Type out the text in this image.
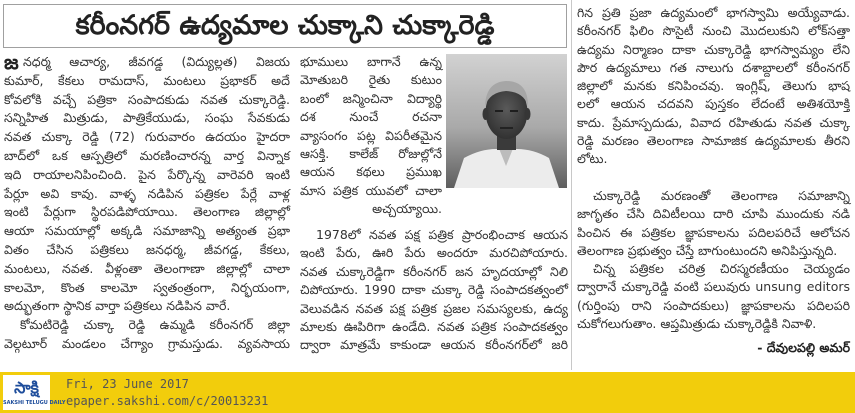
కరీంనగర్ ఉద్యమాల చుక్కాని చుక్కారెడ్డి
జ నధర్మ ఆచార్య, జీవగడ్డ (విద్యుల్లత) విజయ
కుమార్, కేకలు రామదాస్, మంటలు ప్రభాకర్ అదే
కోవలోకి వచ్చే పత్రికా సంపాదకుడు నవత చుక్కారెడ్డి.
సన్నిహిత మిత్రుడు, పాత్రికేయుడు, సంఘ సేవకుడు
నవత చుక్కా రెడ్డి (72) గురువారం ఉదయం హైదరా
బాద్‌లో ఒక ఆస్పత్రిలో మరణించారన్న వార్త విన్నాక
ఇది రాయాలనిపించింది. పైన పేర్కొన్న వారెవరి ఇంటి
పేర్లూ అవి కావు. వాళ్ళ నడిపిన పత్రికల పేర్లే వాళ్ల
ఇంటి పేర్లుగా స్థిరపడిపోయాయి. తెలంగాణ జిల్లాల్లో
ఆయా సమయాల్లో అక్కడి సమాజాన్ని అత్యంత ప్రభా
వితం చేసిన పత్రికలు జనధర్మ, జీవగడ్డ, కేకలు,
మంటలు, నవత. వీళ్లంతా తెలంగాణా జిల్లాల్లో చాలా
కాలమో, కొంత కాలమో స్వతంత్రంగా, నిర్భయంగా,
అద్భుతంగా స్థానిక వార్తా పత్రికలు నడిపిన వారే.
కోమటిరెడ్డి చుక్కా రెడ్డి ఉమ్మడి కరీంనగర్ జిల్లా
వెల్గటూర్ మండలం చేగ్యాం గ్రామస్తుడు. వ్యవసాయ
భూములు బాగానే ఉన్న
మోతుబరి రైతు కుటుం
బంలో జన్మించినా విద్యార్థి
దశ నుంచే రచనా
వ్యాసంగం పట్ల విపరీతమైన
ఆసక్తి. కాలేజ్ రోజుల్లోనే
ఆయన కథలు ప్రముఖ
మాస పత్రిక యువలో చాలా
అచ్చయ్యాయి.
1978లో నవత పక్ష పత్రిక ప్రారంభించాక ఆయన
ఇంటి పేరు, ఊరి పేరు అందరూ మరచిపోయారు.
నవత చుక్కారెడ్డిగా కరీంనగర్ జన హృదయాల్లో నిలి
చిపోయారు. 1990 దాకా చుక్కా రెడ్డి సంపాదకత్వంలో
వెలువడిన నవత పక్ష పత్రిక ప్రజల సమస్యలకు, ఉద్య
మాలకు ఊపిరిగా ఉండేది. నవత పత్రిక సంపాదకత్వం
ద్వారా మాత్రమే కాకుండా ఆయన కరీంనగర్‌లో జరి
గిన ప్రతి ప్రజా ఉద్యమంలో భాగస్వామి అయ్యేవాడు.
కరీంనగర్ ఫిలిం సొసైటీ నుంచి మొదలుకుని లోక్‌సత్తా
ఉద్యమ నిర్మాణం దాకా చుక్కారెడ్డి భాగస్వామ్యం లేని
పౌర ఉద్యమాలు గత నాలుగు దశాబ్దాలలో కరీంనగర్
జిల్లాలో మనకు కనిపించవు. ఇంగ్లిష్, తెలుగు భాష
లలో ఆయన చదవని పుస్తకం లేదంటే అతిశయోక్తి
కాదు. ప్రేమాస్పదుడు, వివాద రహితుడు నవత చుక్కా
రెడ్డి మరణం తెలంగాణ సామాజిక ఉద్యమాలకు తీరని
లోటు.
చుక్కారెడ్డి మరణంతో తెలంగాణ సమాజాన్ని
జాగృతం చేసి దివిటీలయి దారి చూపి ముందుకు నడి
పించిన ఈ పత్రికల జ్ఞాపకాలను పదిలపరిచే ఆలోచన
తెలంగాణ ప్రభుత్వం చేస్తే బాగుంటుందని అనిపిస్తున్నది.
చిన్న పత్రికల చరిత్ర చిరస్మరణీయం చెయ్యడం
ద్వారానే చుక్కారెడ్డి వంటి పలువురు unsung editors
(గుర్తింపు రాని సంపాదకులు) జ్ఞాపకాలను పదిలపరి
చుకోగలుగుతాం. ఆప్తమిత్రుడు చుక్కారెడ్డికి నివాళి.
- దేవులపల్లి అమర్
సాక్షి
SAKSHI TELUGU DAILY
Fri, 23 June 2017
epaper.sakshi.com/c/20013231
